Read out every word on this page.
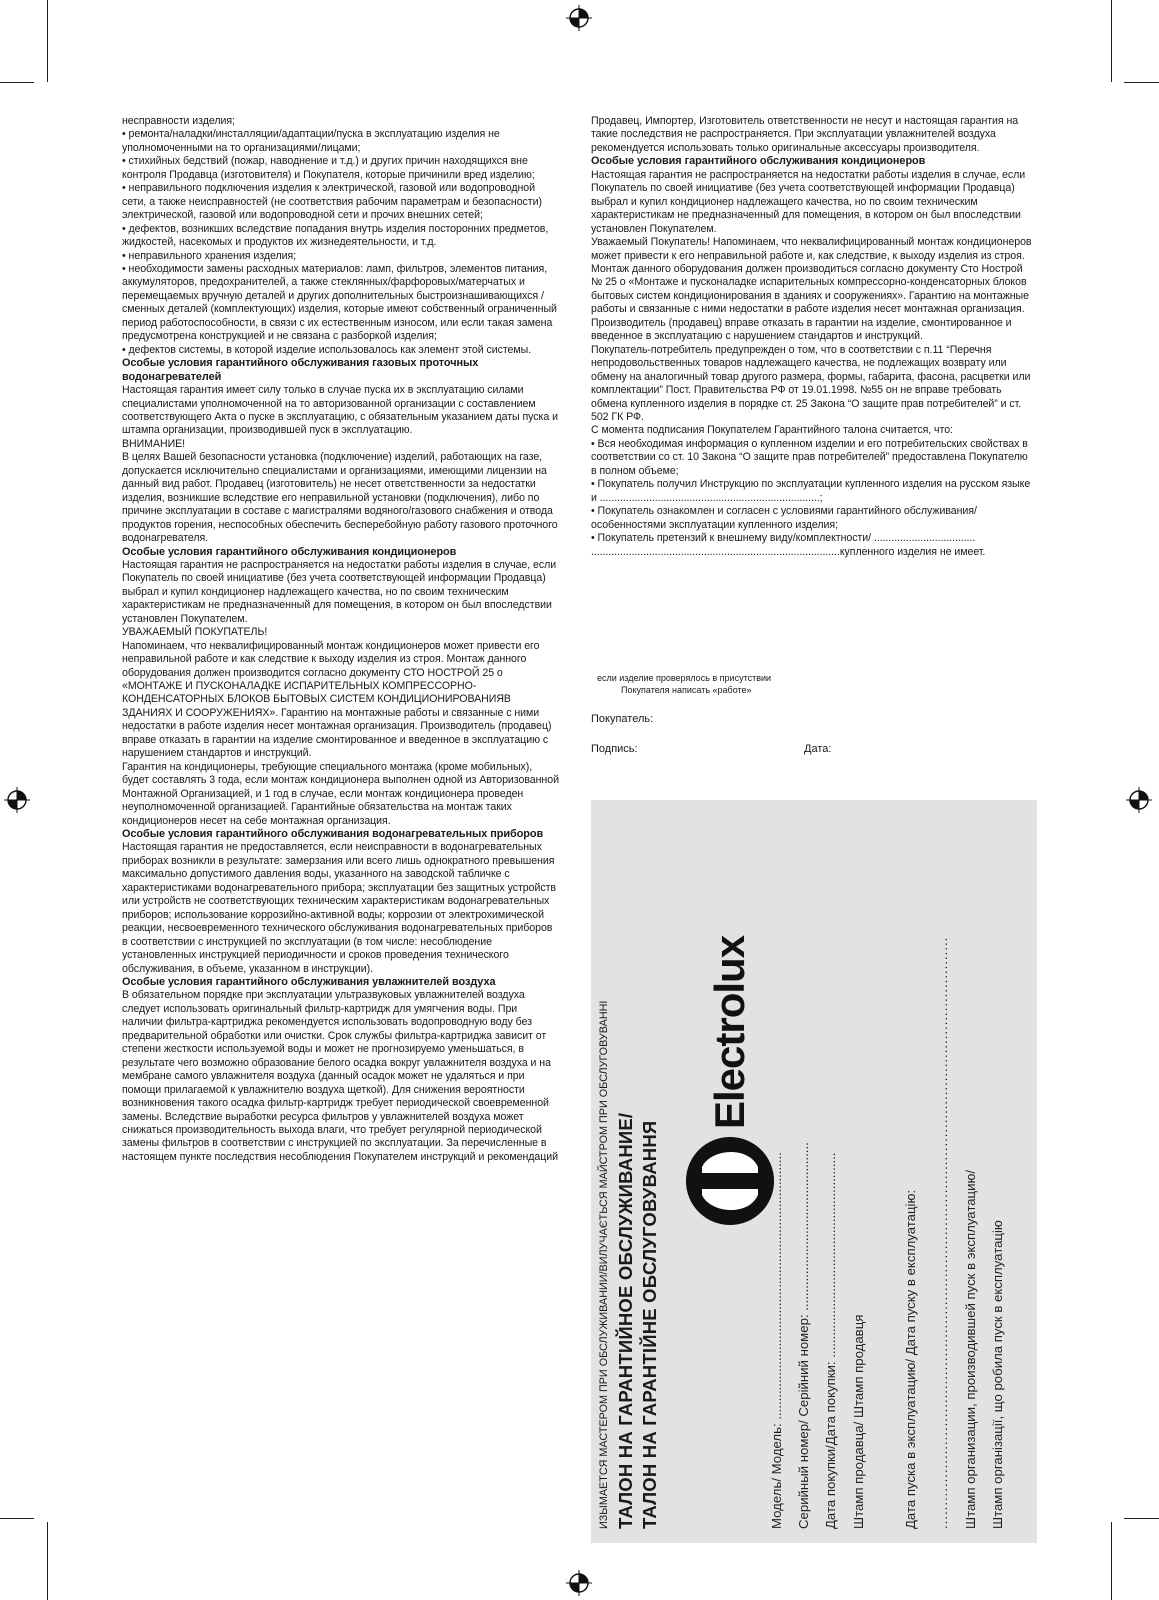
несправности изделия;

• ремонта/наладки/инсталляции/адаптации/пуска в эксплуатацию изделия не уполномоченными на то организациями/лицами;

• стихийных бедствий (пожар, наводнение и т.д.) и других причин находящихся вне контроля Продавца (изготовителя) и Покупателя, которые причинили вред изделию;

• неправильного подключения изделия к электрической, газовой или водопроводной сети, а также неисправностей (не соответствия рабочим параметрам и безопасности) электрической, газовой или водопроводной сети и прочих внешних сетей;

• дефектов, возникших вследствие попадания внутрь изделия посторонних предметов, жидкостей, насекомых и продуктов их жизнедеятельности, и т.д.

• неправильного хранения изделия;

• необходимости замены расходных материалов: ламп, фильтров, элементов питания, аккумуляторов, предохранителей, а также стеклянных/фарфоровых/матерчатых и перемещаемых вручную деталей и других дополнительных быстроизнашивающихся /сменных деталей (комплектующих) изделия, которые имеют собственный ограниченный период работоспособности, в связи с их естественным износом, или если такая замена предусмотрена конструкцией и не связана с разборкой изделия;

• дефектов системы, в которой изделие использовалось как элемент этой системы.

Особые условия гарантийного обслуживания газовых проточных водонагревателей

Настоящая гарантия имеет силу только в случае пуска их в эксплуатацию силами специалистами уполномоченной на то авторизованной организации с составлением соответствующего Акта о пуске в эксплуатацию, с обязательным указанием даты пуска и штампа организации, производившей пуск в эксплуатацию.

ВНИМАНИЕ!

В целях Вашей безопасности установка (подключение) изделий, работающих на газе, допускается исключительно специалистами и организациями, имеющими лицензии на данный вид работ. Продавец (изготовитель) не несет ответственности за недостатки изделия, возникшие вследствие его неправильной установки (подключения), либо по причине эксплуатации в составе с магистралями водяного/газового снабжения и отвода продуктов горения, неспособных обеспечить бесперебойную работу газового проточного водонагревателя.

Особые условия гарантийного обслуживания кондиционеров

Настоящая гарантия не распространяется на недостатки работы изделия в случае, если Покупатель по своей инициативе (без учета соответствующей информации Продавца) выбрал и купил кондиционер надлежащего качества, но по своим техническим характеристикам не предназначенный для помещения, в котором он был впоследствии установлен Покупателем.

УВАЖАЕМЫЙ ПОКУПАТЕЛЬ!

Напоминаем, что неквалифицированный монтаж кондиционеров может привести его неправильной работе и как следствие к выходу изделия из строя. Монтаж данного оборудования должен производится согласно документу СТО НОСТРОЙ 25 о «МОНТАЖЕ И ПУСКОНАЛАДКЕ ИСПАРИТЕЛЬНЫХ КОМПРЕССОРНО-КОНДЕНСАТОРНЫХ БЛОКОВ БЫТОВЫХ СИСТЕМ КОНДИЦИОНИРОВАНИЯВ ЗДАНИЯХ И СООРУЖЕНИЯХ». Гарантию на монтажные работы и связанные с ними недостатки в работе изделия несет монтажная организация. Производитель (продавец) вправе отказать в гарантии на изделие смонтированное и введенное в эксплуатацию с нарушением стандартов и инструкций.

Гарантия на кондиционеры, требующие специального монтажа (кроме мобильных), будет составлять 3 года, если монтаж кондиционера выполнен одной из Авторизованной Монтажной Организацией, и 1 год в случае, если монтаж кондиционера проведен неуполномоченной организацией. Гарантийные обязательства на монтаж таких кондиционеров несет на себе монтажная организация.

Особые условия гарантийного обслуживания водонагревательных приборов

Настоящая гарантия не предоставляется, если неисправности в водонагревательных приборах возникли в результате: замерзания или всего лишь однократного превышения максимально допустимого давления воды, указанного на заводской табличке с характеристиками водонагревательного прибора; эксплуатации без защитных устройств или устройств не соответствующих техническим характеристикам водонагревательных приборов; использование коррозийно-активной воды; коррозии от электрохимической реакции, несвоевременного технического обслуживания водонагревательных приборов в соответствии с инструкцией по эксплуатации (в том числе: несоблюдение установленных инструкцией периодичности и сроков проведения технического обслуживания, в объеме, указанном в инструкции).

Особые условия гарантийного обслуживания увлажнителей воздуха

В обязательном порядке при эксплуатации ультразвуковых увлажнителей воздуха следует использовать оригинальный фильтр-картридж для умягчения воды. При наличии фильтра-картриджа рекомендуется использовать водопроводную воду без предварительной обработки или очистки. Срок службы фильтра-картриджа зависит от степени жесткости используемой воды и может не прогнозируемо уменьшаться, в результате чего возможно образование белого осадка вокруг увлажнителя воздуха и на мембране самого увлажнителя воздуха (данный осадок может не удаляться и при помощи прилагаемой к увлажнителю воздуха щеткой). Для снижения вероятности возникновения такого осадка фильтр-картридж требует периодической своевременной замены. Вследствие выработки ресурса фильтров у увлажнителей воздуха может снижаться производительность выхода влаги, что требует регулярной периодической замены фильтров в соответствии с инструкцией по эксплуатации. За перечисленные в настоящем пункте последствия несоблюдения Покупателем инструкций и рекомендаций

Продавец, Импортер, Изготовитель ответственности не несут и настоящая гарантия на такие последствия не распространяется. При эксплуатации увлажнителей воздуха рекомендуется использовать только оригинальные аксессуары производителя.

Особые условия гарантийного обслуживания кондиционеров

Настоящая гарантия не распространяется на недостатки работы изделия в случае, если Покупатель по своей инициативе (без учета соответствующей информации Продавца) выбрал и купил кондиционер надлежащего качества, но по своим техническим характеристикам не предназначенный для помещения, в котором он был впоследствии установлен Покупателем.

Уважаемый Покупатель! Напоминаем, что неквалифицированный монтаж кондиционеров может привести к его неправильной работе и, как следствие, к выходу изделия из строя. Монтаж данного оборудования должен производиться согласно документу Сто Нострой № 25 о «Монтаже и пусконаладке испарительных компрессорно-конденсаторных блоков бытовых систем кондиционирования в зданиях и сооружениях». Гарантию на монтажные работы и связанные с ними недостатки в работе изделия несет монтажная организация. Производитель (продавец) вправе отказать в гарантии на изделие, смонтированное и введенное в эксплуатацию с нарушением стандартов и инструкций.

Покупатель-потребитель предупрежден о том, что в соответствии с п.11 “Перечня непродовольственных товаров надлежащего качества, не подлежащих возврату или обмену на аналогичный товар другого размера, формы, габарита, фасона, расцветки или комплектации” Пост. Правительства РФ от 19.01.1998. №55 он не вправе требовать обмена купленного изделия в порядке ст. 25 Закона “О защите прав потребителей” и ст. 502 ГК РФ.

С момента подписания Покупателем Гарантийного талона считается, что:

• Вся необходимая информация о купленном изделии и его потребительских свойствах в соответствии со ст. 10 Закона “О защите прав потребителей” предоставлена Покупателю в полном объеме;

• Покупатель получил Инструкцию по эксплуатации купленного изделия на русском языке и ............................................................................;

• Покупатель ознакомлен и согласен с условиями гарантийного обслуживания/особенностями эксплуатации купленного изделия;

• Покупатель претензий к внешнему виду/комплектности/ ...................................

......................................................................................купленного изделия не имеет.

если изделие проверялось в присутствии

Покупателя написать «работе»

Покупатель:
Подпись:	Дата:
ИЗЫМАЕТСЯ МАСТЕРОМ ПРИ ОБСЛУЖИВАНИИ/ВИЛУЧАЄТЬСЯ МАЙСТРОМ ПРИ ОБСЛУГОВУВАННІ ТАЛОН НА ГАРАНТИЙНОЕ ОБСЛУЖИВАНИЕ/ ТАЛОН НА ГАРАНТІЙНЕ ОБСЛУГОВУВАННЯ
Electrolux
Модель/ Модель: ......................................................................... Серийный номер/ Серійний номер: .............................................. Дата покупки/Дата покупки: ........................................................ Штамп продавца/ Штамп продавця	Дата пуска в эксплуатацию/ Дата пуску в експлуатацію: ............................................................................................................................... Штамп организации, производившей пуск в эксплуатацию/ Штамп організації, що робила пуск в експлуатацію
